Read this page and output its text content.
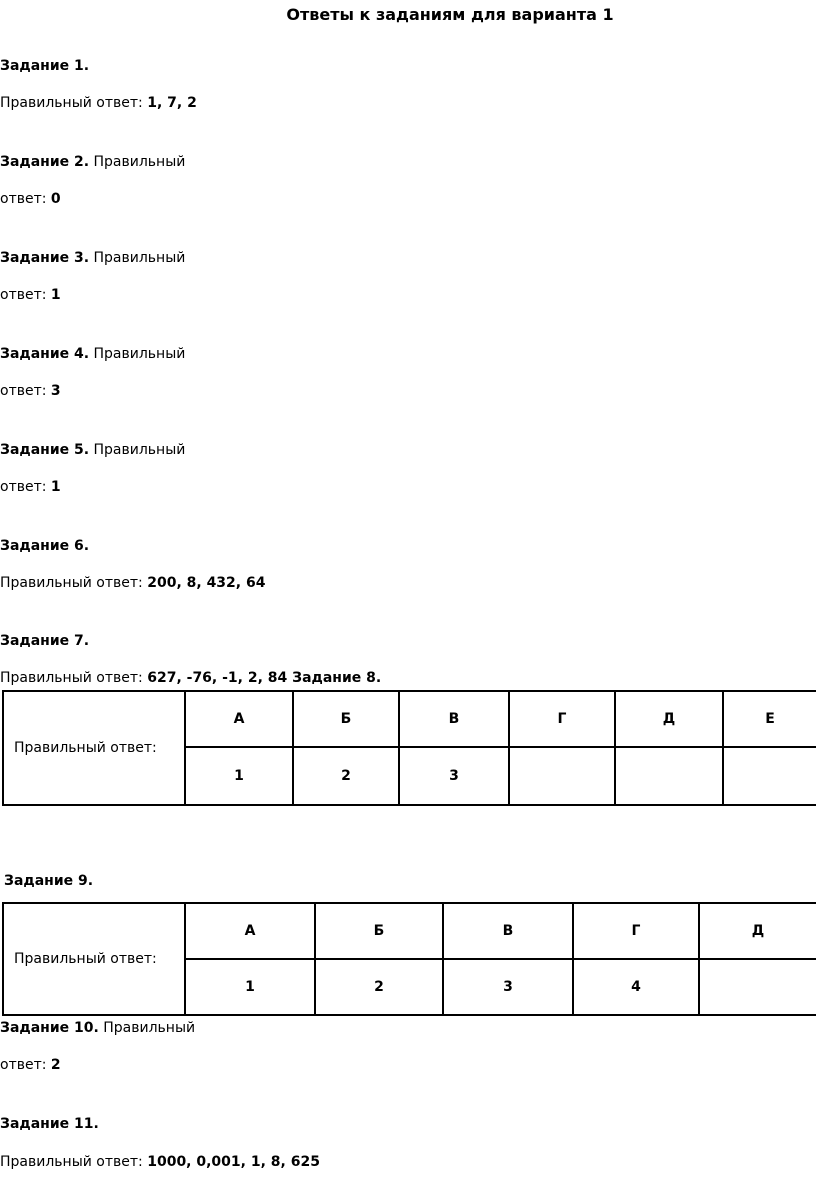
Ответы к заданиям для варианта 1
Задание 1.
Правильный ответ: 1, 7, 2
Задание 2. Правильный
ответ: 0
Задание 3. Правильный
ответ: 1
Задание 4. Правильный
ответ: 3
Задание 5. Правильный
ответ: 1
Задание 6.
Правильный ответ: 200, 8, 432, 64
Задание 7.
Правильный ответ: 627, -76, -1, 2, 84 Задание 8.
Правильный ответ:	А	Б	В	Г	Д	Е
	1	2	3			
Задание 9.
Правильный ответ:	А	Б	В	Г	Д
	1	2	3	4	
Задание 10. Правильный
ответ: 2
Задание 11.
Правильный ответ: 1000, 0,001, 1, 8, 625
